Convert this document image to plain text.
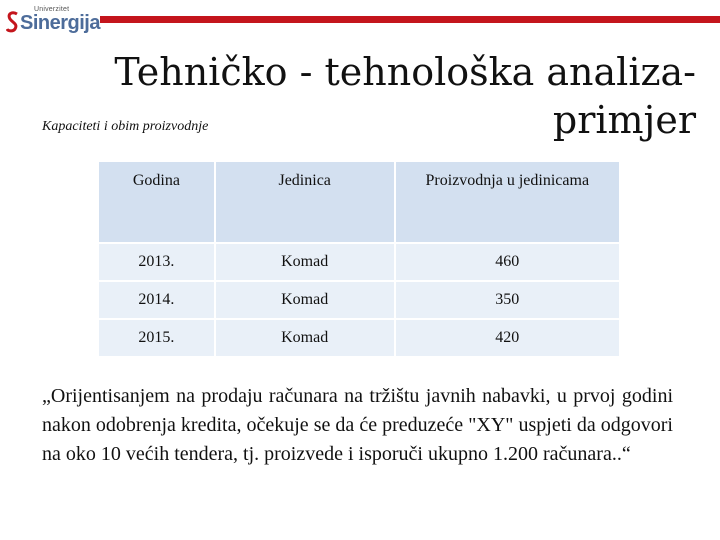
Univerzitet
Sinergija
Tehničko - tehnološka analiza-primjer
Kapaciteti i obim proizvodnje
Godina	Jedinica	Proizvodnja u jedinicama
2013.	Komad	460
2014.	Komad	350
2015.	Komad	420
„Orijentisanjem na prodaju računara na tržištu javnih nabavki, u prvoj godini nakon odobrenja kredita, očekuje se da će preduzeće "XY" uspjeti da odgovori na oko 10 većih tendera, tj. proizvede i isporuči ukupno 1.200 računara..“
